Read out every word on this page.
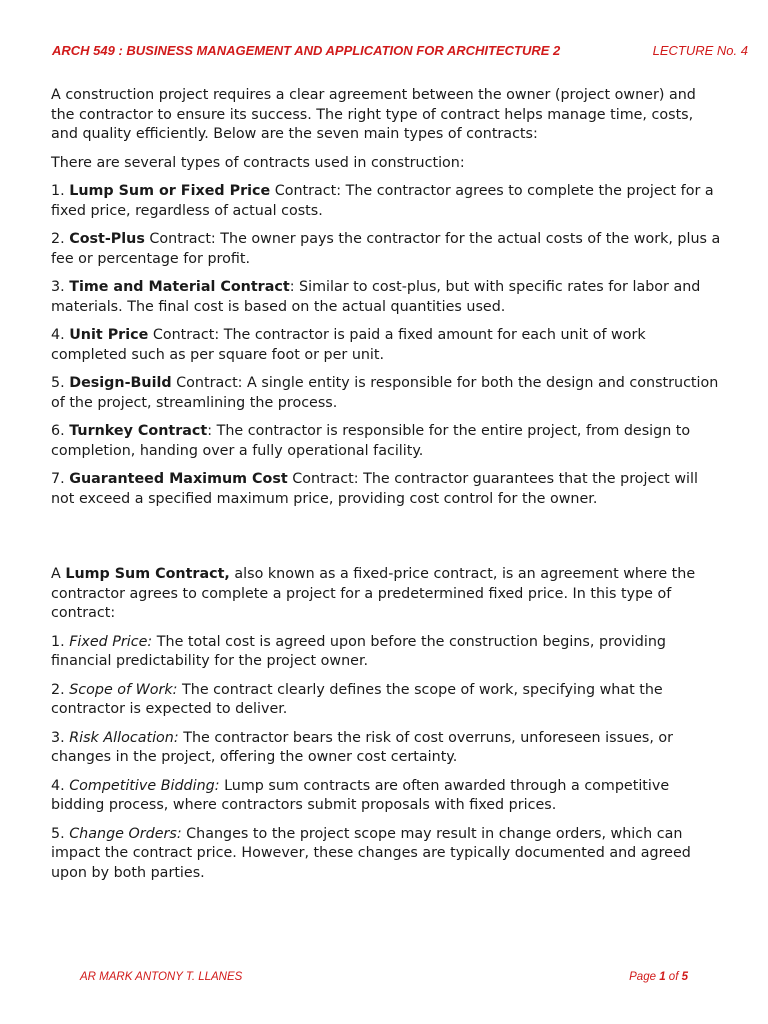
ARCH 549 : BUSINESS MANAGEMENT AND APPLICATION FOR ARCHITECTURE 2	LECTURE No. 4

A construction project requires a clear agreement between the owner (project owner) and the contractor to ensure its success. The right type of contract helps manage time, costs, and quality efficiently. Below are the seven main types of contracts:

There are several types of contracts used in construction:

1. Lump Sum or Fixed Price Contract: The contractor agrees to complete the project for a fixed price, regardless of actual costs.

2. Cost-Plus Contract: The owner pays the contractor for the actual costs of the work, plus a fee or percentage for profit.

3. Time and Material Contract: Similar to cost-plus, but with specific rates for labor and materials. The final cost is based on the actual quantities used.

4. Unit Price Contract: The contractor is paid a fixed amount for each unit of work completed such as per square foot or per unit.

5. Design-Build Contract: A single entity is responsible for both the design and construction of the project, streamlining the process.

6. Turnkey Contract: The contractor is responsible for the entire project, from design to completion, handing over a fully operational facility.

7. Guaranteed Maximum Cost Contract: The contractor guarantees that the project will not exceed a specified maximum price, providing cost control for the owner.

A Lump Sum Contract, also known as a fixed-price contract, is an agreement where the contractor agrees to complete a project for a predetermined fixed price. In this type of contract:

1. Fixed Price: The total cost is agreed upon before the construction begins, providing financial predictability for the project owner.

2. Scope of Work: The contract clearly defines the scope of work, specifying what the contractor is expected to deliver.

3. Risk Allocation: The contractor bears the risk of cost overruns, unforeseen issues, or changes in the project, offering the owner cost certainty.

4. Competitive Bidding: Lump sum contracts are often awarded through a competitive bidding process, where contractors submit proposals with fixed prices.

5. Change Orders: Changes to the project scope may result in change orders, which can impact the contract price. However, these changes are typically documented and agreed upon by both parties.

AR MARK ANTONY T. LLANES	Page 1 of 5
